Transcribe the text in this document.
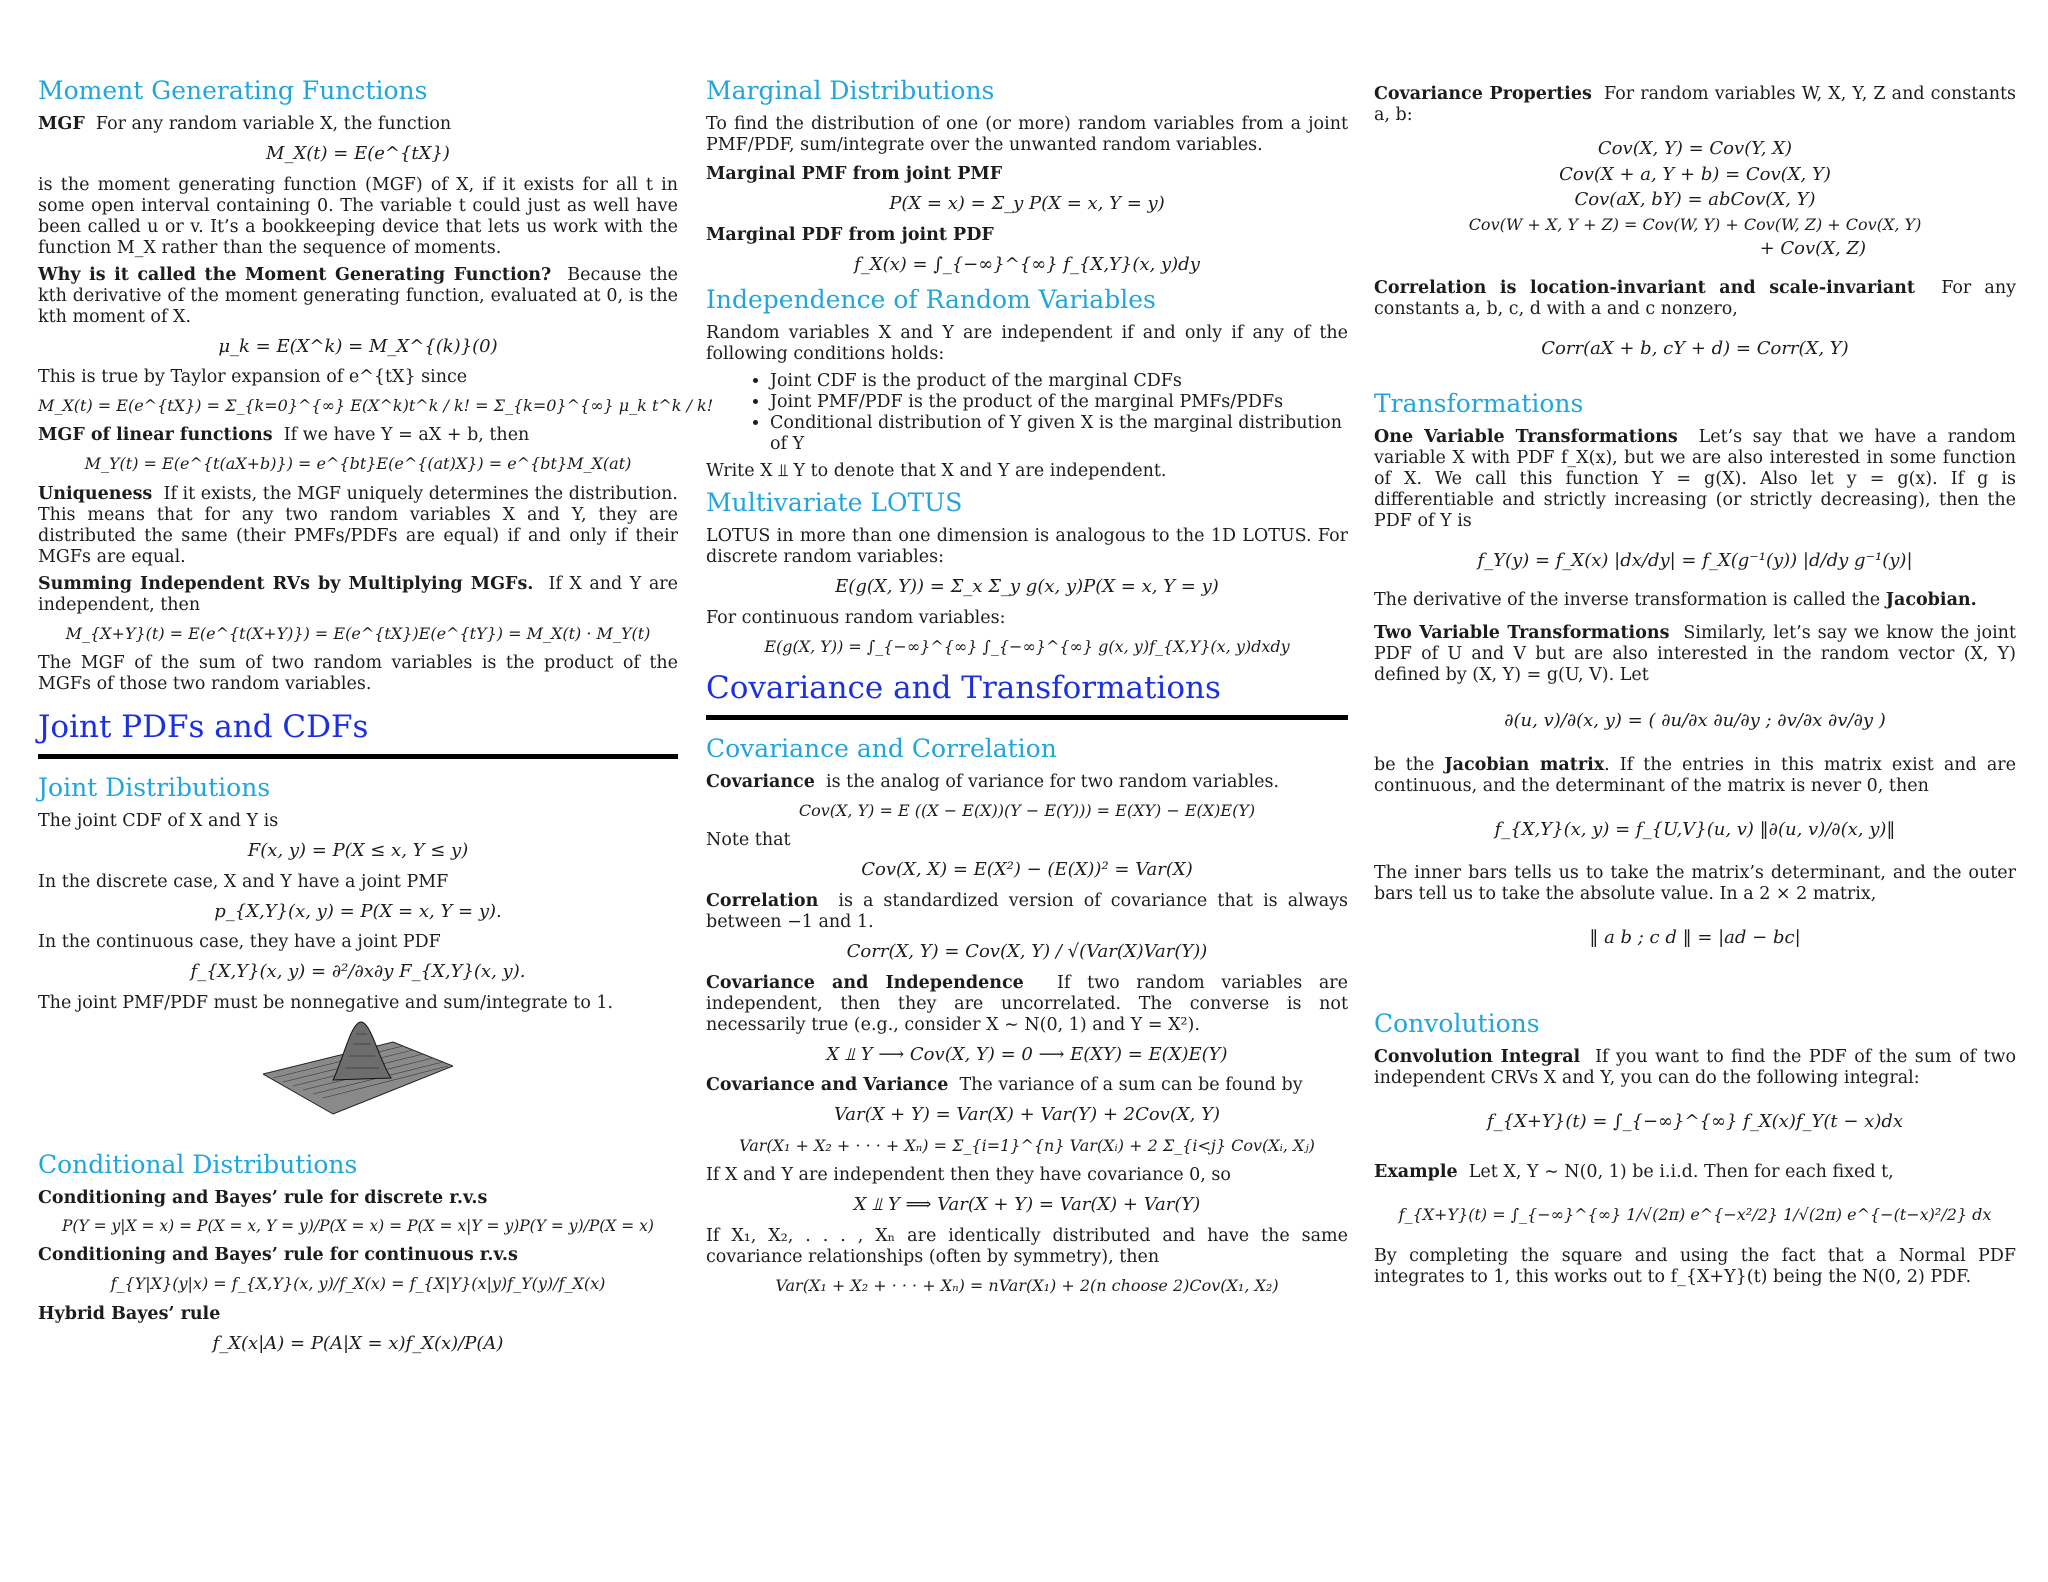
Moment Generating Functions

MGF For any random variable X, the function

M_X(t) = E(e^{tX})

is the moment generating function (MGF) of X, if it exists for all t in some open interval containing 0. The variable t could just as well have been called u or v. It’s a bookkeeping device that lets us work with the function M_X rather than the sequence of moments.

Why is it called the Moment Generating Function? Because the kth derivative of the moment generating function, evaluated at 0, is the kth moment of X.

μ_k = E(X^k) = M_X^{(k)}(0)

This is true by Taylor expansion of e^{tX} since

M_X(t) = E(e^{tX}) = Σ_{k=0}^{∞} E(X^k)t^k / k! = Σ_{k=0}^{∞} μ_k t^k / k!

MGF of linear functions If we have Y = aX + b, then

M_Y(t) = E(e^{t(aX+b)}) = e^{bt}E(e^{(at)X}) = e^{bt}M_X(at)

Uniqueness If it exists, the MGF uniquely determines the distribution. This means that for any two random variables X and Y, they are distributed the same (their PMFs/PDFs are equal) if and only if their MGFs are equal.

Summing Independent RVs by Multiplying MGFs. If X and Y are independent, then

M_{X+Y}(t) = E(e^{t(X+Y)}) = E(e^{tX})E(e^{tY}) = M_X(t) · M_Y(t)

The MGF of the sum of two random variables is the product of the MGFs of those two random variables.

Joint PDFs and CDFs
Joint Distributions

The joint CDF of X and Y is

F(x, y) = P(X ≤ x, Y ≤ y)

In the discrete case, X and Y have a joint PMF

p_{X,Y}(x, y) = P(X = x, Y = y).

In the continuous case, they have a joint PDF

f_{X,Y}(x, y) = ∂²/∂x∂y F_{X,Y}(x, y).

The joint PMF/PDF must be nonnegative and sum/integrate to 1.

Conditional Distributions
Conditioning and Bayes’ rule for discrete r.v.s
P(Y = y|X = x) = P(X = x, Y = y)/P(X = x) = P(X = x|Y = y)P(Y = y)/P(X = x)
Conditioning and Bayes’ rule for continuous r.v.s
f_{Y|X}(y|x) = f_{X,Y}(x, y)/f_X(x) = f_{X|Y}(x|y)f_Y(y)/f_X(x)
Hybrid Bayes’ rule
f_X(x|A) = P(A|X = x)f_X(x)/P(A)
Marginal Distributions

To find the distribution of one (or more) random variables from a joint PMF/PDF, sum/integrate over the unwanted random variables.

Marginal PMF from joint PMF
P(X = x) = Σ_y P(X = x, Y = y)
Marginal PDF from joint PDF
f_X(x) = ∫_{−∞}^{∞} f_{X,Y}(x, y)dy
Independence of Random Variables

Random variables X and Y are independent if and only if any of the following conditions holds:

• Joint CDF is the product of the marginal CDFs
• Joint PMF/PDF is the product of the marginal PMFs/PDFs
• Conditional distribution of Y given X is the marginal distribution of Y

Write X ⫫ Y to denote that X and Y are independent.

Multivariate LOTUS

LOTUS in more than one dimension is analogous to the 1D LOTUS. For discrete random variables:

E(g(X, Y)) = Σ_x Σ_y g(x, y)P(X = x, Y = y)

For continuous random variables:

E(g(X, Y)) = ∫_{−∞}^{∞} ∫_{−∞}^{∞} g(x, y)f_{X,Y}(x, y)dxdy
Covariance and Transformations
Covariance and Correlation

Covariance is the analog of variance for two random variables.

Cov(X, Y) = E ((X − E(X))(Y − E(Y))) = E(XY) − E(X)E(Y)

Note that

Cov(X, X) = E(X²) − (E(X))² = Var(X)

Correlation is a standardized version of covariance that is always between −1 and 1.

Corr(X, Y) = Cov(X, Y) / √(Var(X)Var(Y))

Covariance and Independence If two random variables are independent, then they are uncorrelated. The converse is not necessarily true (e.g., consider X ∼ N(0, 1) and Y = X²).

X ⫫ Y ⟶ Cov(X, Y) = 0 ⟶ E(XY) = E(X)E(Y)

Covariance and Variance The variance of a sum can be found by

Var(X + Y) = Var(X) + Var(Y) + 2Cov(X, Y)
Var(X₁ + X₂ + · · · + Xₙ) = Σ_{i=1}^{n} Var(Xᵢ) + 2 Σ_{i<j} Cov(Xᵢ, Xⱼ)

If X and Y are independent then they have covariance 0, so

X ⫫ Y ⟹ Var(X + Y) = Var(X) + Var(Y)

If X₁, X₂, . . . , Xₙ are identically distributed and have the same covariance relationships (often by symmetry), then

Var(X₁ + X₂ + · · · + Xₙ) = nVar(X₁) + 2(n choose 2)Cov(X₁, X₂)

Covariance Properties For random variables W, X, Y, Z and constants a, b:

Cov(X, Y) = Cov(Y, X)
Cov(X + a, Y + b) = Cov(X, Y)
Cov(aX, bY) = abCov(X, Y)
Cov(W + X, Y + Z) = Cov(W, Y) + Cov(W, Z) + Cov(X, Y)
+ Cov(X, Z)

Correlation is location-invariant and scale-invariant For any constants a, b, c, d with a and c nonzero,

Corr(aX + b, cY + d) = Corr(X, Y)
Transformations

One Variable Transformations Let’s say that we have a random variable X with PDF f_X(x), but we are also interested in some function of X. We call this function Y = g(X). Also let y = g(x). If g is differentiable and strictly increasing (or strictly decreasing), then the PDF of Y is

f_Y(y) = f_X(x) |dx/dy| = f_X(g⁻¹(y)) |d/dy g⁻¹(y)|

The derivative of the inverse transformation is called the Jacobian.

Two Variable Transformations Similarly, let’s say we know the joint PDF of U and V but are also interested in the random vector (X, Y) defined by (X, Y) = g(U, V). Let

∂(u, v)/∂(x, y) = ( ∂u/∂x ∂u/∂y ; ∂v/∂x ∂v/∂y )

be the Jacobian matrix. If the entries in this matrix exist and are continuous, and the determinant of the matrix is never 0, then

f_{X,Y}(x, y) = f_{U,V}(u, v) ‖∂(u, v)/∂(x, y)‖

The inner bars tells us to take the matrix’s determinant, and the outer bars tell us to take the absolute value. In a 2 × 2 matrix,

‖ a b ; c d ‖ = |ad − bc|
Convolutions

Convolution Integral If you want to find the PDF of the sum of two independent CRVs X and Y, you can do the following integral:

f_{X+Y}(t) = ∫_{−∞}^{∞} f_X(x)f_Y(t − x)dx

Example Let X, Y ∼ N(0, 1) be i.i.d. Then for each fixed t,

f_{X+Y}(t) = ∫_{−∞}^{∞} 1/√(2π) e^{−x²/2} 1/√(2π) e^{−(t−x)²/2} dx

By completing the square and using the fact that a Normal PDF integrates to 1, this works out to f_{X+Y}(t) being the N(0, 2) PDF.
